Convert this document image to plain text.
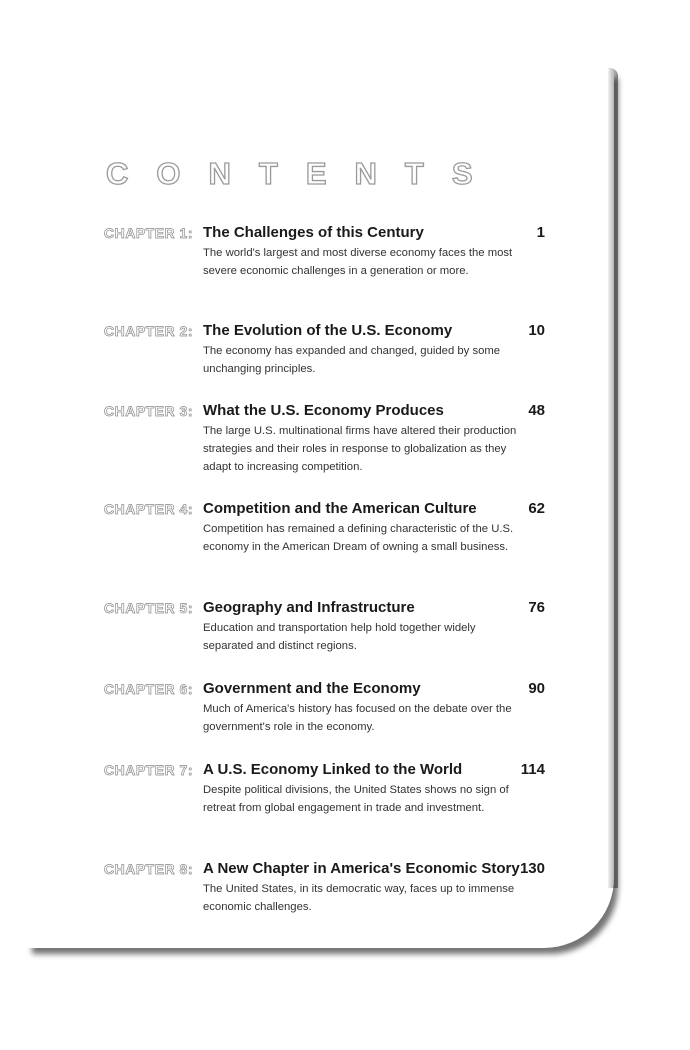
CONTENTS
CHAPTER 1: The Challenges of this Century	1
The world's largest and most diverse economy faces the most severe economic challenges in a generation or more.
CHAPTER 2: The Evolution of the U.S. Economy	10
The economy has expanded and changed, guided by some unchanging principles.
CHAPTER 3: What the U.S. Economy Produces	48
The large U.S. multinational firms have altered their production strategies and their roles in response to globalization as they adapt to increasing competition.
CHAPTER 4: Competition and the American Culture	62
Competition has remained a defining characteristic of the U.S. economy in the American Dream of owning a small business.
CHAPTER 5: Geography and Infrastructure	76
Education and transportation help hold together widely separated and distinct regions.
CHAPTER 6: Government and the Economy	90
Much of America's history has focused on the debate over the government's role in the economy.
CHAPTER 7: A U.S. Economy Linked to the World	114
Despite political divisions, the United States shows no sign of retreat from global engagement in trade and investment.
CHAPTER 8: A New Chapter in America's Economic Story 130
The United States, in its democratic way, faces up to immense economic challenges.
